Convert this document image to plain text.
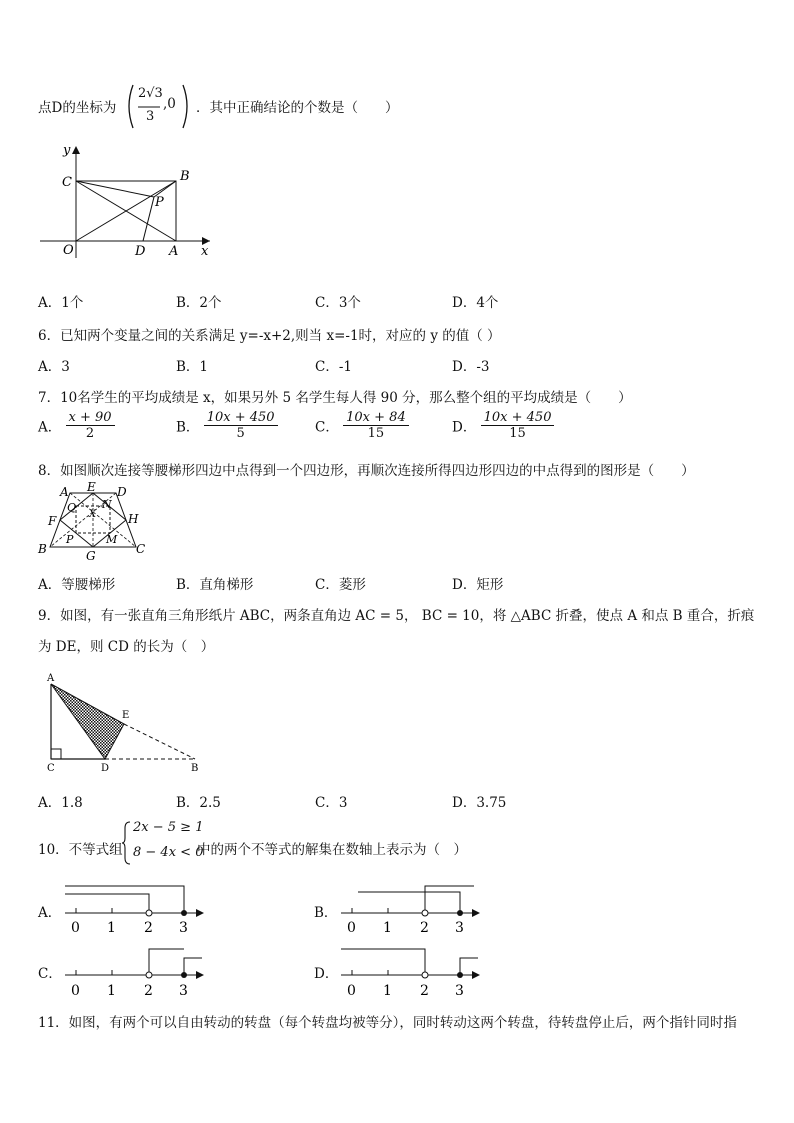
点D的坐标为
2√3
3
,0 ．其中正确结论的个数是（　　）
y
C	B
P
O	D A x
A．1个	B．2个	C．3个	D．4个
6．已知两个变量之间的关系满足 y=-x+2,则当 x=-1时，对应的 y 的值（ ）
A．3	B．1	C．-1	D．-3
7．10名学生的平均成绩是 x，如果另外 5 名学生每人得 90 分，那么整个组的平均成绩是（　　）
A． $\frac{x + 90}{2}$	B． $\frac{10x + 450}{5}$	C． $\frac{10x + 84}{15}$	D． $\frac{10x + 450}{15}$
8．如图顺次连接等腰梯形四边中点得到一个四边形，再顺次连接所得四边形四边的中点得到的图形是（　　）
A E D
F	H
B	G	C
Q N
P	M
X
A．等腰梯形	B．直角梯形	C．菱形	D．矩形
9．如图，有一张直角三角形纸片 ABC，两条直角边 AC = 5， BC = 10，将 △ABC 折叠，使点 A 和点 B 重合，折痕
为 DE，则 CD 的长为（　）
A
E
C	D	B
A．1.8	B．2.5	C．3	D．3.75
10．不等式组
2x − 5 ≥ 1
8 − 4x < 0
中的两个不等式的解集在数轴上表示为（　）
A．
0 1 2 3
B．
0 1 2 3
C．
0 1 2 3
D．
0 1 2 3
11．如图，有两个可以自由转动的转盘（每个转盘均被等分），同时转动这两个转盘，待转盘停止后，两个指针同时指
